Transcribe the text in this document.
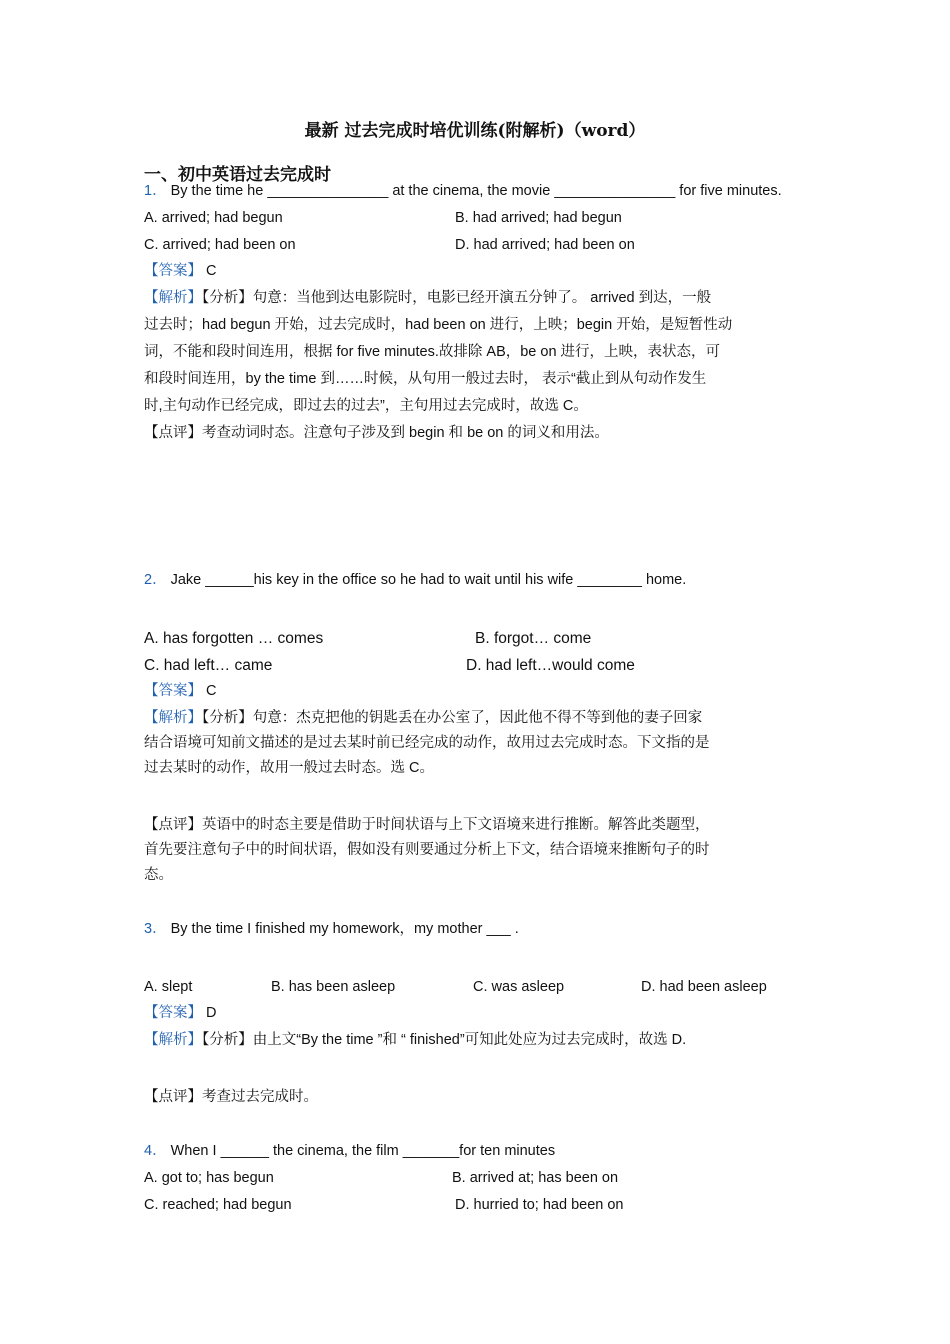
最新 过去完成时培优训练(附解析)（word）
一、初中英语过去完成时
1． By the time he _______________ at the cinema, the movie _______________ for five minutes.
A. arrived; had begun	B. had arrived; had begun
C. arrived; had been on	D. had arrived; had been on
【答案】 C
【解析】【分析】句意：当他到达电影院时，电影已经开演五分钟了。 arrived 到达，一般
过去时；had begun 开始，过去完成时，had been on 进行，上映；begin 开始，是短暂性动
词，不能和段时间连用，根据 for five minutes.故排除 AB，be on 进行，上映，表状态，可
和段时间连用，by the time 到……时候，从句用一般过去时， 表示“截止到从句动作发生
时,主句动作已经完成，即过去的过去”，主句用过去完成时，故选 C。
【点评】考查动词时态。注意句子涉及到 begin 和 be on 的词义和用法。
2． Jake ______his key in the office so he had to wait until his wife ________ home.
A. has forgotten … comes	B. forgot… come
C. had left… came	D. had left…would come
【答案】 C
【解析】【分析】句意：杰克把他的钥匙丢在办公室了，因此他不得不等到他的妻子回家
结合语境可知前文描述的是过去某时前已经完成的动作，故用过去完成时态。下文指的是
过去某时的动作，故用一般过去时态。选 C。
【点评】英语中的时态主要是借助于时间状语与上下文语境来进行推断。解答此类题型，
首先要注意句子中的时间状语，假如没有则要通过分析上下文，结合语境来推断句子的时
态。
3． By the time I finished my homework，my mother ___ .
A. slept	B. has been asleep	C. was asleep	D. had been asleep
【答案】 D
【解析】【分析】由上文“By the time ”和 “ finished”可知此处应为过去完成时，故选 D.
【点评】考查过去完成时。
4． When I ______ the cinema, the film _______for ten minutes
A. got to; has begun	B. arrived at; has been on
C. reached; had begun	D. hurried to; had been on
